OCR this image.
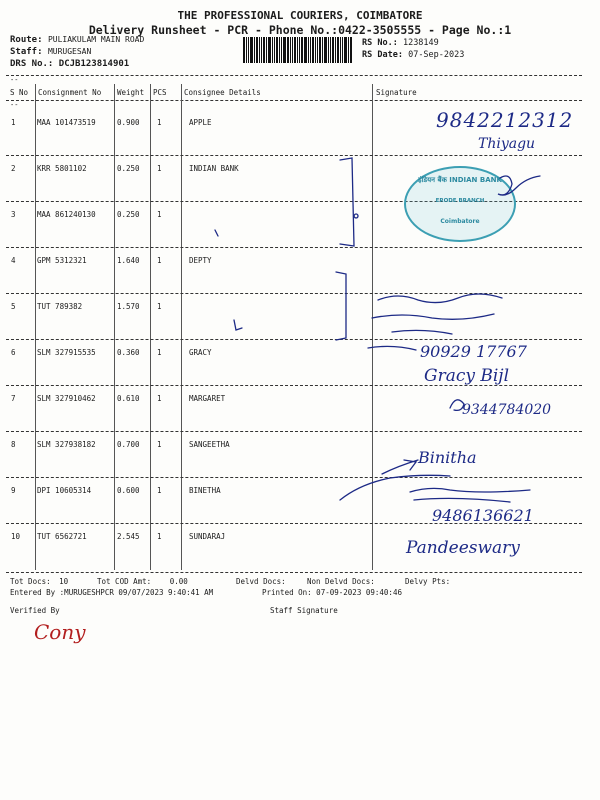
THE PROFESSIONAL COURIERS, COIMBATORE
Delivery Runsheet - PCR - Phone No.:0422-3505555 - Page No.:1
Route: PULIAKULAM MAIN ROAD
Staff: MURUGESAN
DRS No.: DCJB123814901
RS No.: 1238149
RS Date: 07-Sep-2023
--
--
S No Consignment No Weight PCS Consignee Details	Signature
1	MAA 101473519	0.900 1	APPLE
2	KRR 5801102	0.250 1	INDIAN BANK
3	MAA 861240130	0.250 1
4	GPM 5312321	1.640 1	DEPTY
5	TUT 789382	1.570 1
6	SLM 327915535	0.360 1	GRACY
7	SLM 327910462	0.610 1	MARGARET
8	SLM 327938182	0.700 1	SANGEETHA
9	DPI 10605314	0.600 1	BINETHA
10 TUT 6562721	2.545 1	SUNDARAJ
इंडियन बैंक INDIAN BANK
ERODE BRANCH
Coimbatore
9842212312
Thiyagu
90929 17767
Gracy Bijl
9344784020
Binitha
9486136621
Pandeeswary
Tot Docs: 10	Tot COD Amt: 0.00	Delvd Docs:	Non Delvd Docs:	Delvy Pts:
Entered By :MURUGESHPCR 09/07/2023 9:40:41 AM	Printed On: 07-09-2023 09:40:46
Verified By	Staff Signature
Cony
